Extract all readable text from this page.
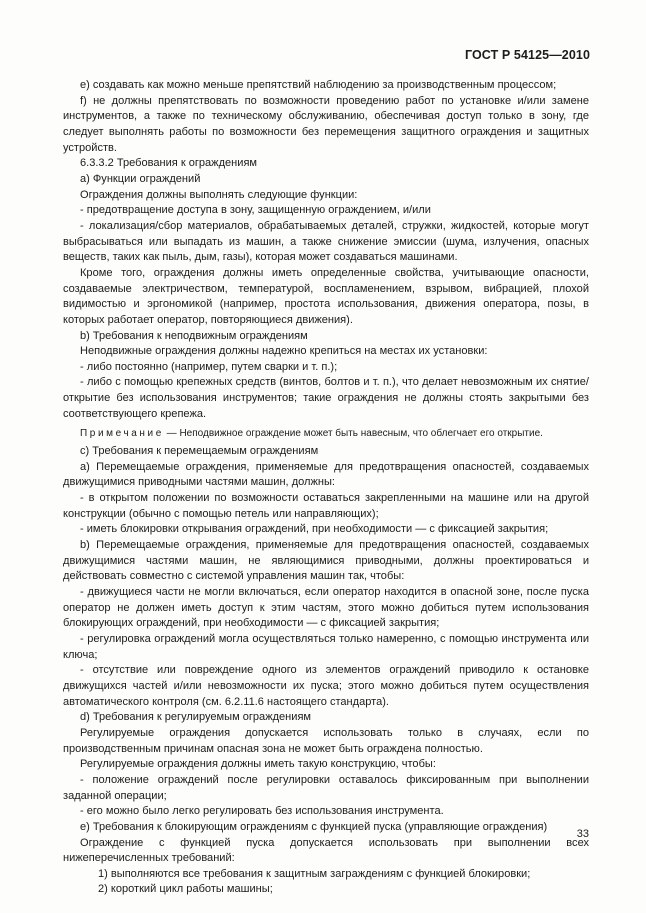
ГОСТ Р 54125—2010

e) создавать как можно меньше препятствий наблюдению за производственным процессом;

f) не должны препятствовать по возможности проведению работ по установке и/или замене инструментов, а также по техническому обслуживанию, обеспечивая доступ только в зону, где следует выполнять работы по возможности без перемещения защитного ограждения и защитных устройств.

6.3.3.2 Требования к ограждениям

а) Функции ограждений

Ограждения должны выполнять следующие функции:

- предотвращение доступа в зону, защищенную ограждением, и/или

- локализация/сбор материалов, обрабатываемых деталей, стружки, жидкостей, которые могут выбрасываться или выпадать из машин, а также снижение эмиссии (шума, излучения, опасных веществ, таких как пыль, дым, газы), которая может создаваться машинами.

Кроме того, ограждения должны иметь определенные свойства, учитывающие опасности, создаваемые электричеством, температурой, воспламенением, взрывом, вибрацией, плохой видимостью и эргономикой (например, простота использования, движения оператора, позы, в которых работает оператор, повторяющиеся движения).

b) Требования к неподвижным ограждениям

Неподвижные ограждения должны надежно крепиться на местах их установки:

- либо постоянно (например, путем сварки и т. п.);

- либо с помощью крепежных средств (винтов, болтов и т. п.), что делает невозможным их снятие/открытие без использования инструментов; такие ограждения не должны стоять закрытыми без соответствующего крепежа.

Примечание — Неподвижное ограждение может быть навесным, что облегчает его открытие.

с) Требования к перемещаемым ограждениям

а) Перемещаемые ограждения, применяемые для предотвращения опасностей, создаваемых движущимися приводными частями машин, должны:

- в открытом положении по возможности оставаться закрепленными на машине или на другой конструкции (обычно с помощью петель или направляющих);

- иметь блокировки открывания ограждений, при необходимости — с фиксацией закрытия;

b) Перемещаемые ограждения, применяемые для предотвращения опасностей, создаваемых движущимися частями машин, не являющимися приводными, должны проектироваться и действовать совместно с системой управления машин так, чтобы:

- движущиеся части не могли включаться, если оператор находится в опасной зоне, после пуска оператор не должен иметь доступ к этим частям, этого можно добиться путем использования блокирующих ограждений, при необходимости — с фиксацией закрытия;

- регулировка ограждений могла осуществляться только намеренно, с помощью инструмента или ключа;

- отсутствие или повреждение одного из элементов ограждений приводило к остановке движущихся частей и/или невозможности их пуска; этого можно добиться путем осуществления автоматического контроля (см. 6.2.11.6 настоящего стандарта).

d) Требования к регулируемым ограждениям

Регулируемые ограждения допускается использовать только в случаях, если по производственным причинам опасная зона не может быть ограждена полностью.

Регулируемые ограждения должны иметь такую конструкцию, чтобы:

- положение ограждений после регулировки оставалось фиксированным при выполнении заданной операции;

- его можно было легко регулировать без использования инструмента.

е) Требования к блокирующим ограждениям с функцией пуска (управляющие ограждения)

Ограждение с функцией пуска допускается использовать при выполнении всех нижеперечисленных требований:

1) выполняются все требования к защитным заграждениям с функцией блокировки;

2) короткий цикл работы машины;

33
